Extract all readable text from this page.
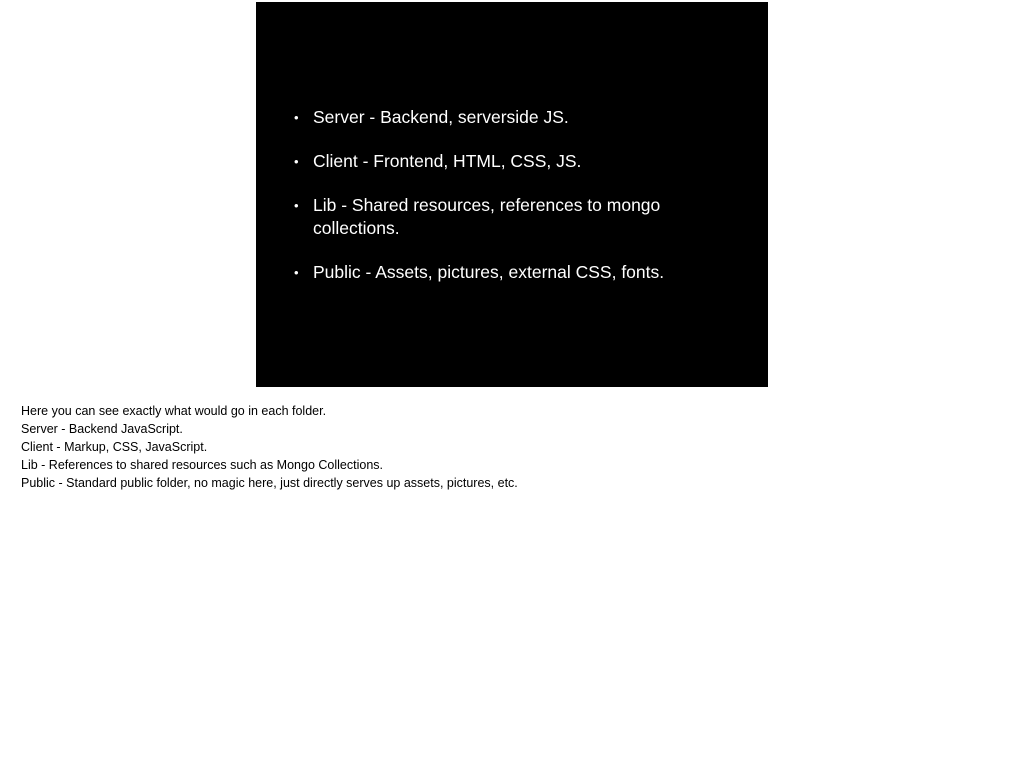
• Server - Backend, serverside JS.
• Client - Frontend, HTML, CSS, JS.
• Lib - Shared resources, references to mongo collections.
• Public - Assets, pictures, external CSS, fonts.
Here you can see exactly what would go in each folder.
Server - Backend JavaScript.
Client - Markup, CSS, JavaScript.
Lib - References to shared resources such as Mongo Collections.
Public - Standard public folder, no magic here, just directly serves up assets, pictures, etc.
